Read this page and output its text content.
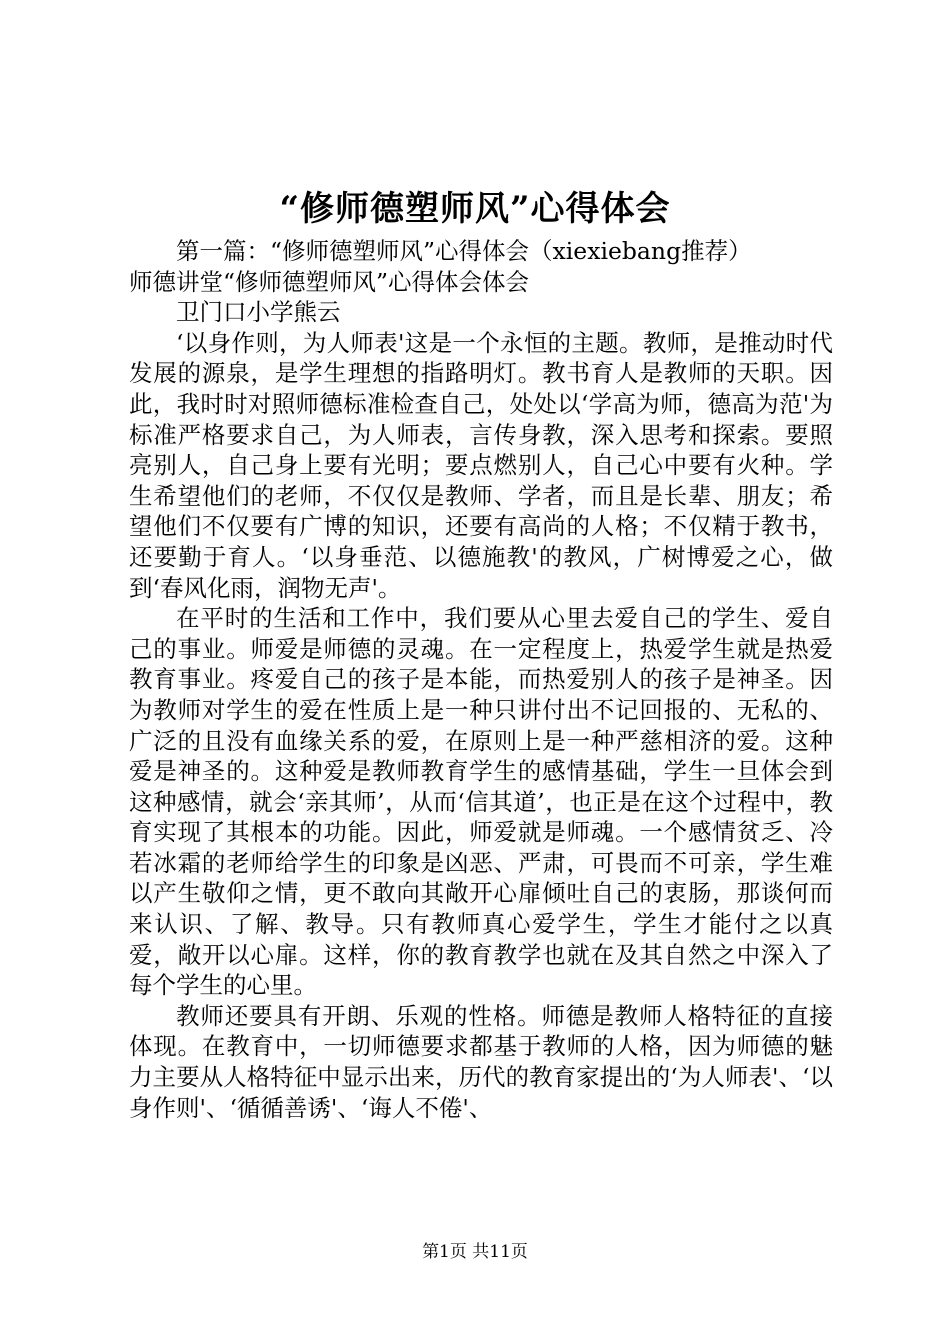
“修师德塑师风”心得体会

第一篇：“修师德塑师风”心得体会（xiexiebang推荐）

师德讲堂“修师德塑师风”心得体会体会

卫门口小学熊云

‘以身作则，为人师表'这是一个永恒的主题。教师，是推动时代发展的源泉，是学生理想的指路明灯。教书育人是教师的天职。因此，我时时对照师德标准检查自己，处处以‘学高为师，德高为范'为标准严格要求自己，为人师表，言传身教，深入思考和探索。要照亮别人，自己身上要有光明；要点燃别人，自己心中要有火种。学生希望他们的老师，不仅仅是教师、学者，而且是长辈、朋友；希望他们不仅要有广博的知识，还要有高尚的人格；不仅精于教书，还要勤于育人。‘以身垂范、以德施教'的教风，广树博爱之心，做到‘春风化雨，润物无声'。

在平时的生活和工作中，我们要从心里去爱自己的学生、爱自己的事业。师爱是师德的灵魂。在一定程度上，热爱学生就是热爱教育事业。疼爱自己的孩子是本能，而热爱别人的孩子是神圣。因为教师对学生的爱在性质上是一种只讲付出不记回报的、无私的、广泛的且没有血缘关系的爱，在原则上是一种严慈相济的爱。这种爱是神圣的。这种爱是教师教育学生的感情基础，学生一旦体会到这种感情，就会‘亲其师’，从而‘信其道’，也正是在这个过程中，教育实现了其根本的功能。因此，师爱就是师魂。一个感情贫乏、冷若冰霜的老师给学生的印象是凶恶、严肃，可畏而不可亲，学生难以产生敬仰之情，更不敢向其敞开心扉倾吐自己的衷肠，那谈何而来认识、了解、教导。只有教师真心爱学生，学生才能付之以真爱，敞开以心扉。这样，你的教育教学也就在及其自然之中深入了每个学生的心里。

教师还要具有开朗、乐观的性格。师德是教师人格特征的直接体现。在教育中，一切师德要求都基于教师的人格，因为师德的魅力主要从人格特征中显示出来，历代的教育家提出的‘为人师表'、‘以身作则'、‘循循善诱'、‘诲人不倦'、

第1页 共11页
